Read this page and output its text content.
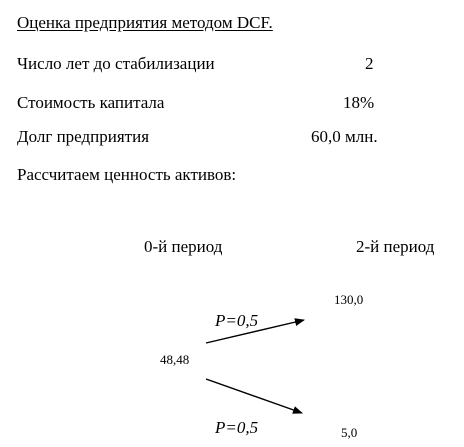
Оценка предприятия методом DCF.
Число лет до стабилизации	2
Стоимость капитала	18%
Долг предприятия	60,0 млн.
Рассчитаем ценность активов:
0-й период	2-й период
130,0
P=0,5
48,48
P=0,5	5,0
